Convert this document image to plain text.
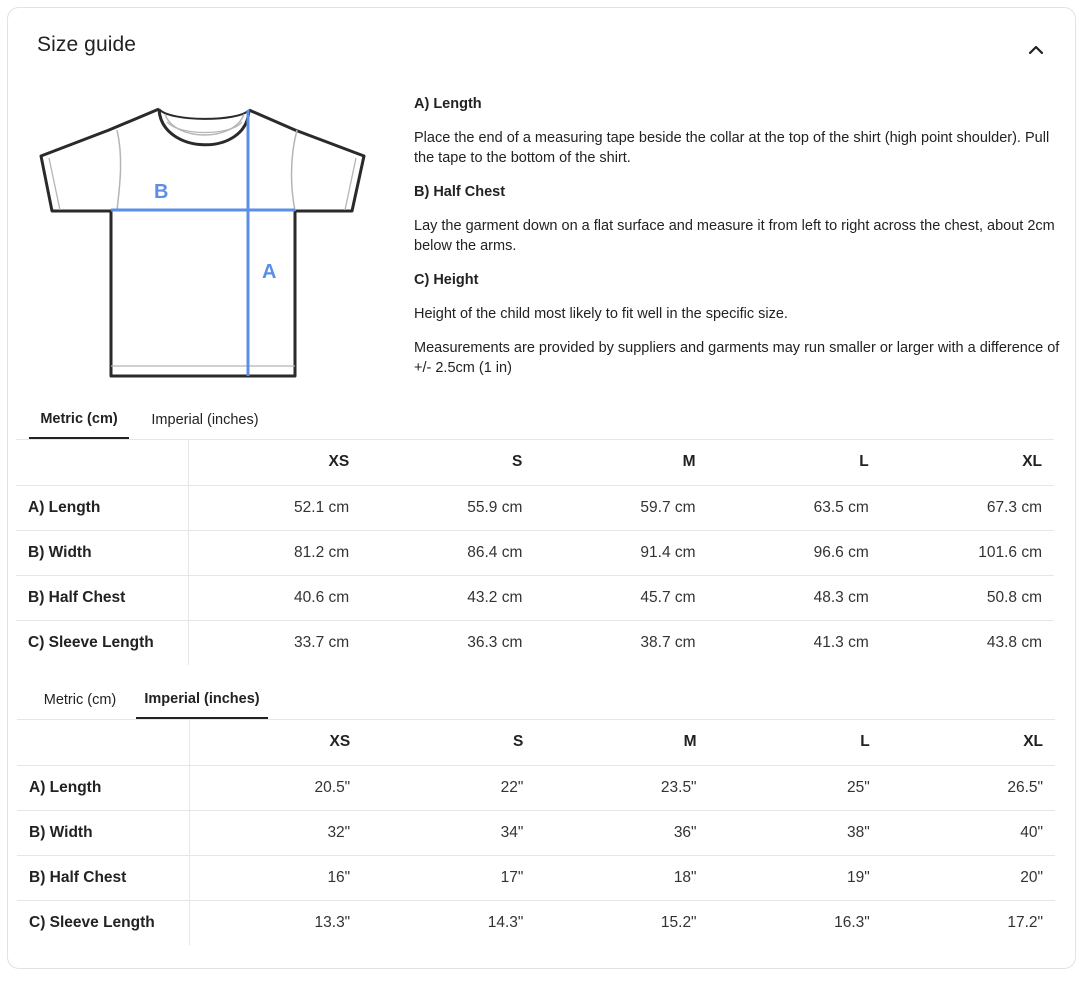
Size guide
B
A
A) Length
Place the end of a measuring tape beside the collar at the top of the shirt (high point shoulder). Pull the tape to the bottom of the shirt.
B) Half Chest
Lay the garment down on a flat surface and measure it from left to right across the chest, about 2cm below the arms.
C) Height
Height of the child most likely to fit well in the specific size.
Measurements are provided by suppliers and garments may run smaller or larger with a difference of +/- 2.5cm (1 in)
Metric (cm)	Imperial (inches)
	XS	S	M	L	XL
A) Length	52.1 cm	55.9 cm	59.7 cm	63.5 cm	67.3 cm
B) Width	81.2 cm	86.4 cm	91.4 cm	96.6 cm	101.6 cm
B) Half Chest	40.6 cm	43.2 cm	45.7 cm	48.3 cm	50.8 cm
C) Sleeve Length	33.7 cm	36.3 cm	38.7 cm	41.3 cm	43.8 cm
Metric (cm)	Imperial (inches)
	XS	S	M	L	XL
A) Length	20.5"	22"	23.5"	25"	26.5"
B) Width	32"	34"	36"	38"	40"
B) Half Chest	16"	17"	18"	19"	20"
C) Sleeve Length	13.3"	14.3"	15.2"	16.3"	17.2"
